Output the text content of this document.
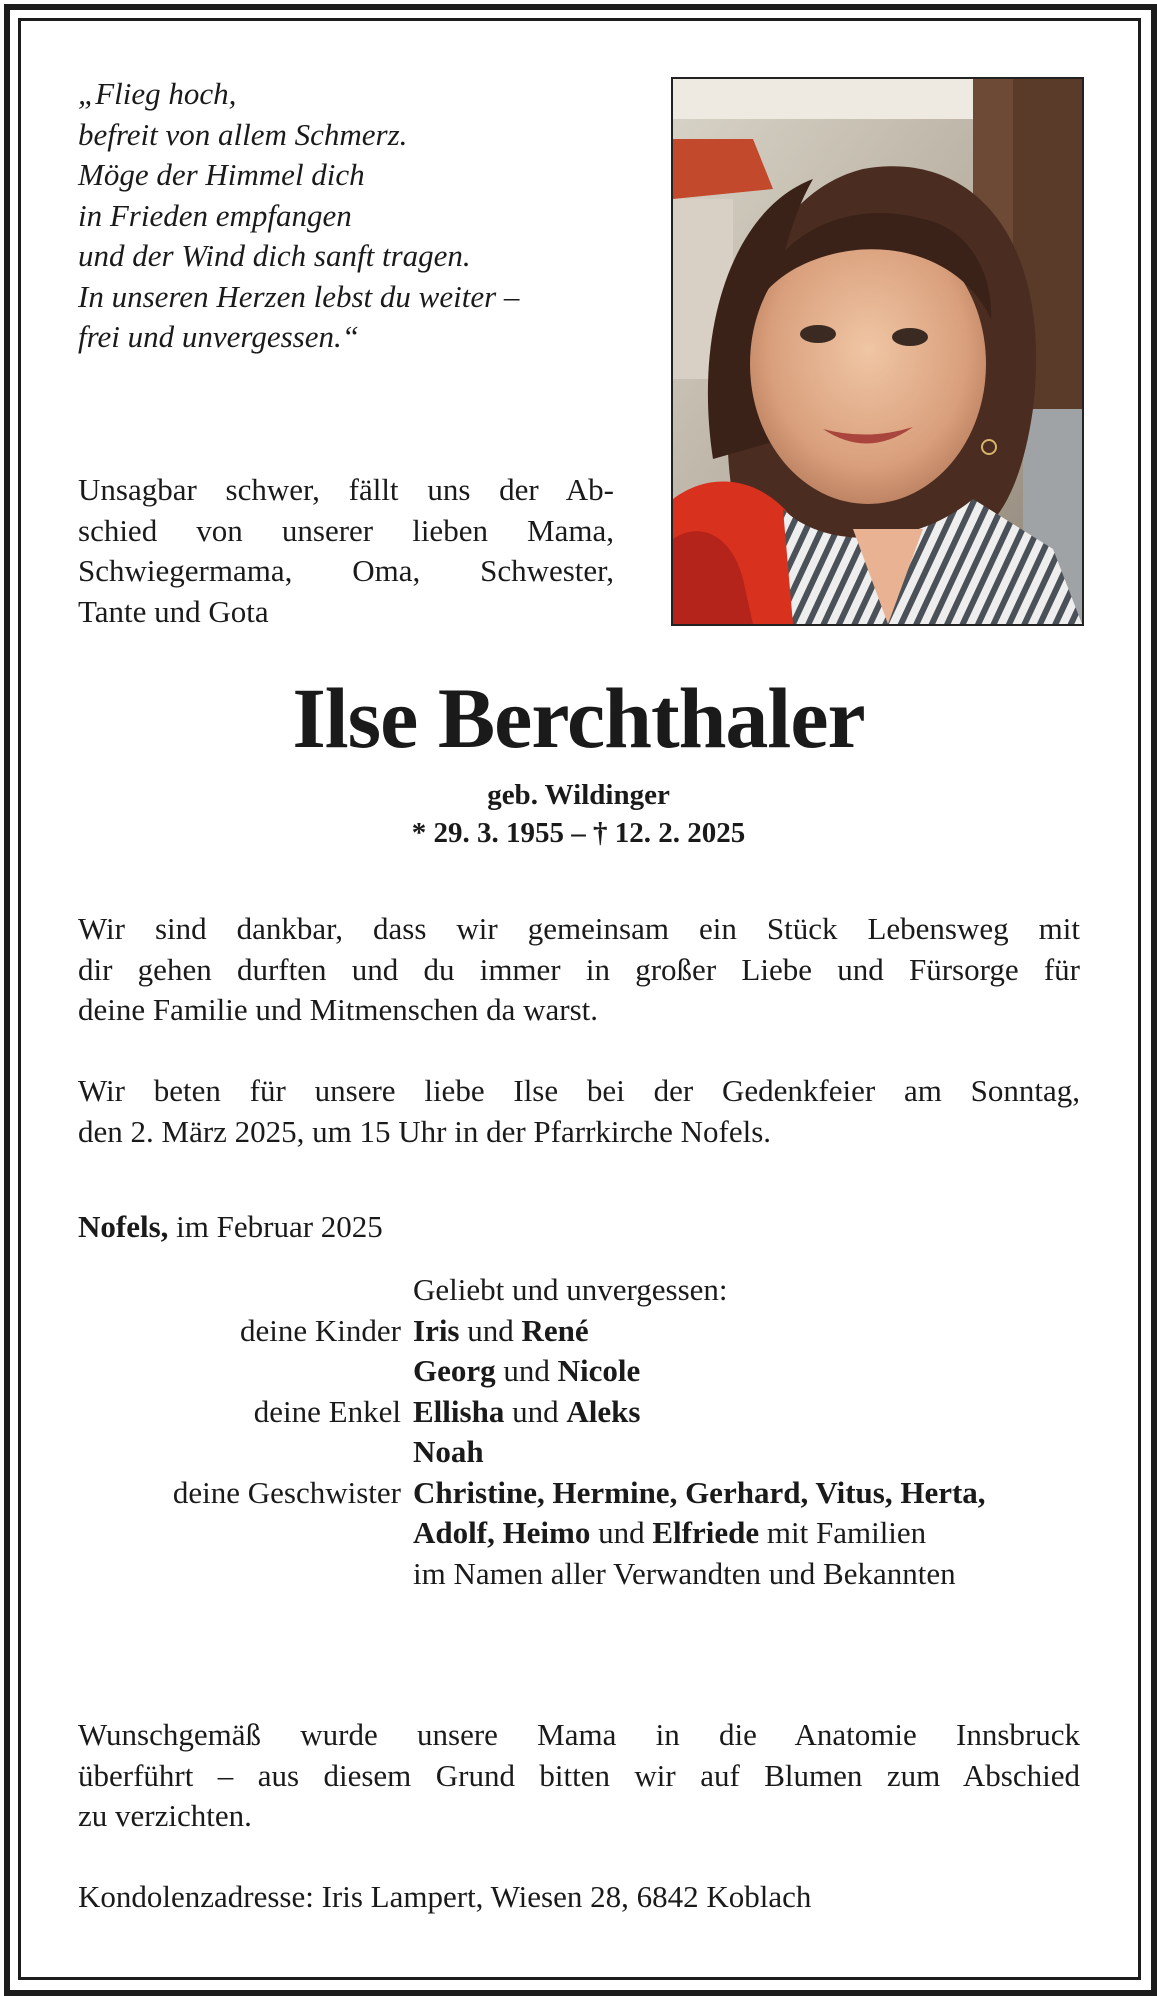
„Flieg hoch,
befreit von allem Schmerz.
Möge der Himmel dich
in Frieden empfangen
und der Wind dich sanft tragen.
In unseren Herzen lebst du weiter –
frei und unvergessen.“
Unsagbar schwer, fällt uns der Ab-
schied von unserer lieben Mama,
Schwiegermama, Oma, Schwester,
Tante und Gota
Ilse Berchthaler
geb. Wildinger
* 29. 3. 1955 – † 12. 2. 2025
Wir sind dankbar, dass wir gemeinsam ein Stück Lebensweg mit
dir gehen durften und du immer in großer Liebe und Fürsorge für
deine Familie und Mitmenschen da warst.
Wir beten für unsere liebe Ilse bei der Gedenkfeier am Sonntag,
den 2. März 2025, um 15 Uhr in der Pfarrkirche Nofels.
Nofels, im Februar 2025
Geliebt und unvergessen:
deine Kinder Iris und René
Georg und Nicole
deine Enkel Ellisha und Aleks
Noah
deine Geschwister Christine, Hermine, Gerhard, Vitus, Herta,
Adolf, Heimo und Elfriede mit Familien
im Namen aller Verwandten und Bekannten
Wunschgemäß wurde unsere Mama in die Anatomie Innsbruck
überführt – aus diesem Grund bitten wir auf Blumen zum Abschied
zu verzichten.
Kondolenzadresse: Iris Lampert, Wiesen 28, 6842 Koblach
